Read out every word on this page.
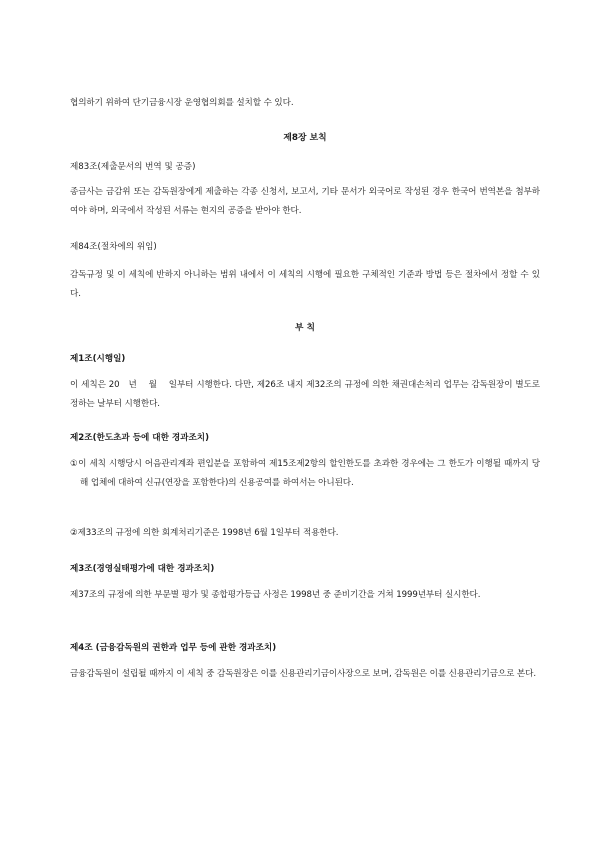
협의하기 위하여 단기금융시장 운영협의회를 설치할 수 있다.

제8장 보칙

제83조(제출문서의 번역 및 공증)

종금사는 금감위 또는 감독원장에게 제출하는 각종 신청서, 보고서, 기타 문서가 외국어로 작성된 경우 한국어 번역본을 첨부하여야 하며, 외국에서 작성된 서류는 현지의 공증을 받아야 한다.

제84조(절차에의 위임)

감독규정 및 이 세칙에 반하지 아니하는 범위 내에서 이 세칙의 시행에 필요한 구체적인 기준과 방법 등은 절차에서 정할 수 있다.

부 칙

제1조(시행일)

이 세칙은 20   년    월    일부터 시행한다. 다만, 제26조 내지 제32조의 규정에 의한 채권대손처리 업무는 감독원장이 별도로 정하는 날부터 시행한다.

제2조(한도초과 등에 대한 경과조치)

①이 세칙 시행당시 어음관리계좌 편입분을 포함하여 제15조제2항의 할인한도를 초과한 경우에는 그 한도가 이행될 때까지 당해 업체에 대하여 신규(연장을 포함한다)의 신용공여를 하여서는 아니된다.

②제33조의 규정에 의한 회계처리기준은 1998년 6월 1일부터 적용한다.

제3조(경영실태평가에 대한 경과조치)

제37조의 규정에 의한 부문별 평가 및 종합평가등급 사정은 1998년 중 준비기간을 거쳐 1999년부터 실시한다.

제4조 (금융감독원의 권한과 업무 등에 관한 경과조치)

금융감독원이 설립될 때까지 이 세칙 중 감독원장은 이를 신용관리기금이사장으로 보며, 감독원은 이를 신용관리기금으로 본다.
